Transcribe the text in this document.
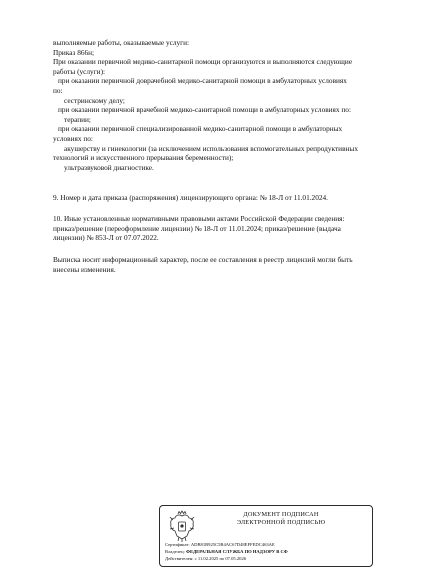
выполняемые работы, оказываемые услуги:

Приказ 866н;

При оказании первичной медико-санитарной помощи организуются и выполняются следующие

работы (услуги):

при оказании первичной доврачебной медико-санитарной помощи в амбулаторных условиях

по:

сестринскому делу;

при оказании первичной врачебной медико-санитарной помощи в амбулаторных условиях по:

терапии;

при оказании первичной специализированной медико-санитарной помощи в амбулаторных

условиях по:

акушерству и гинекологии (за исключением использования вспомогательных репродуктивных

технологий и искусственного прерывания беременности);

ультразвуковой диагностике.

9. Номер и дата приказа (распоряжения) лицензирующего органа: № 18-Л от 11.01.2024.

10. Иные установленные нормативными правовыми актами Российской Федерации сведения:

приказ/решение (переоформление лицензии) № 18-Л от 11.01.2024; приказ/решение (выдача

лицензии) № 853-Л от 07.07.2022.

Выписка носит информационный характер, после ее составления в реестр лицензий могли быть

внесены изменения.

ДОКУМЕНТ ПОДПИСАН
ЭЛЕКТРОННОЙ ПОДПИСЬЮ
Сертификат: ADB81B925C5B4AC67D48EFFEDC463AE
Владелец: ФЕДЕРАЛЬНАЯ СЛУЖБА ПО НАДЗОРУ В СФ
Действителен: с 11.02.2025 по 07.05.2026
